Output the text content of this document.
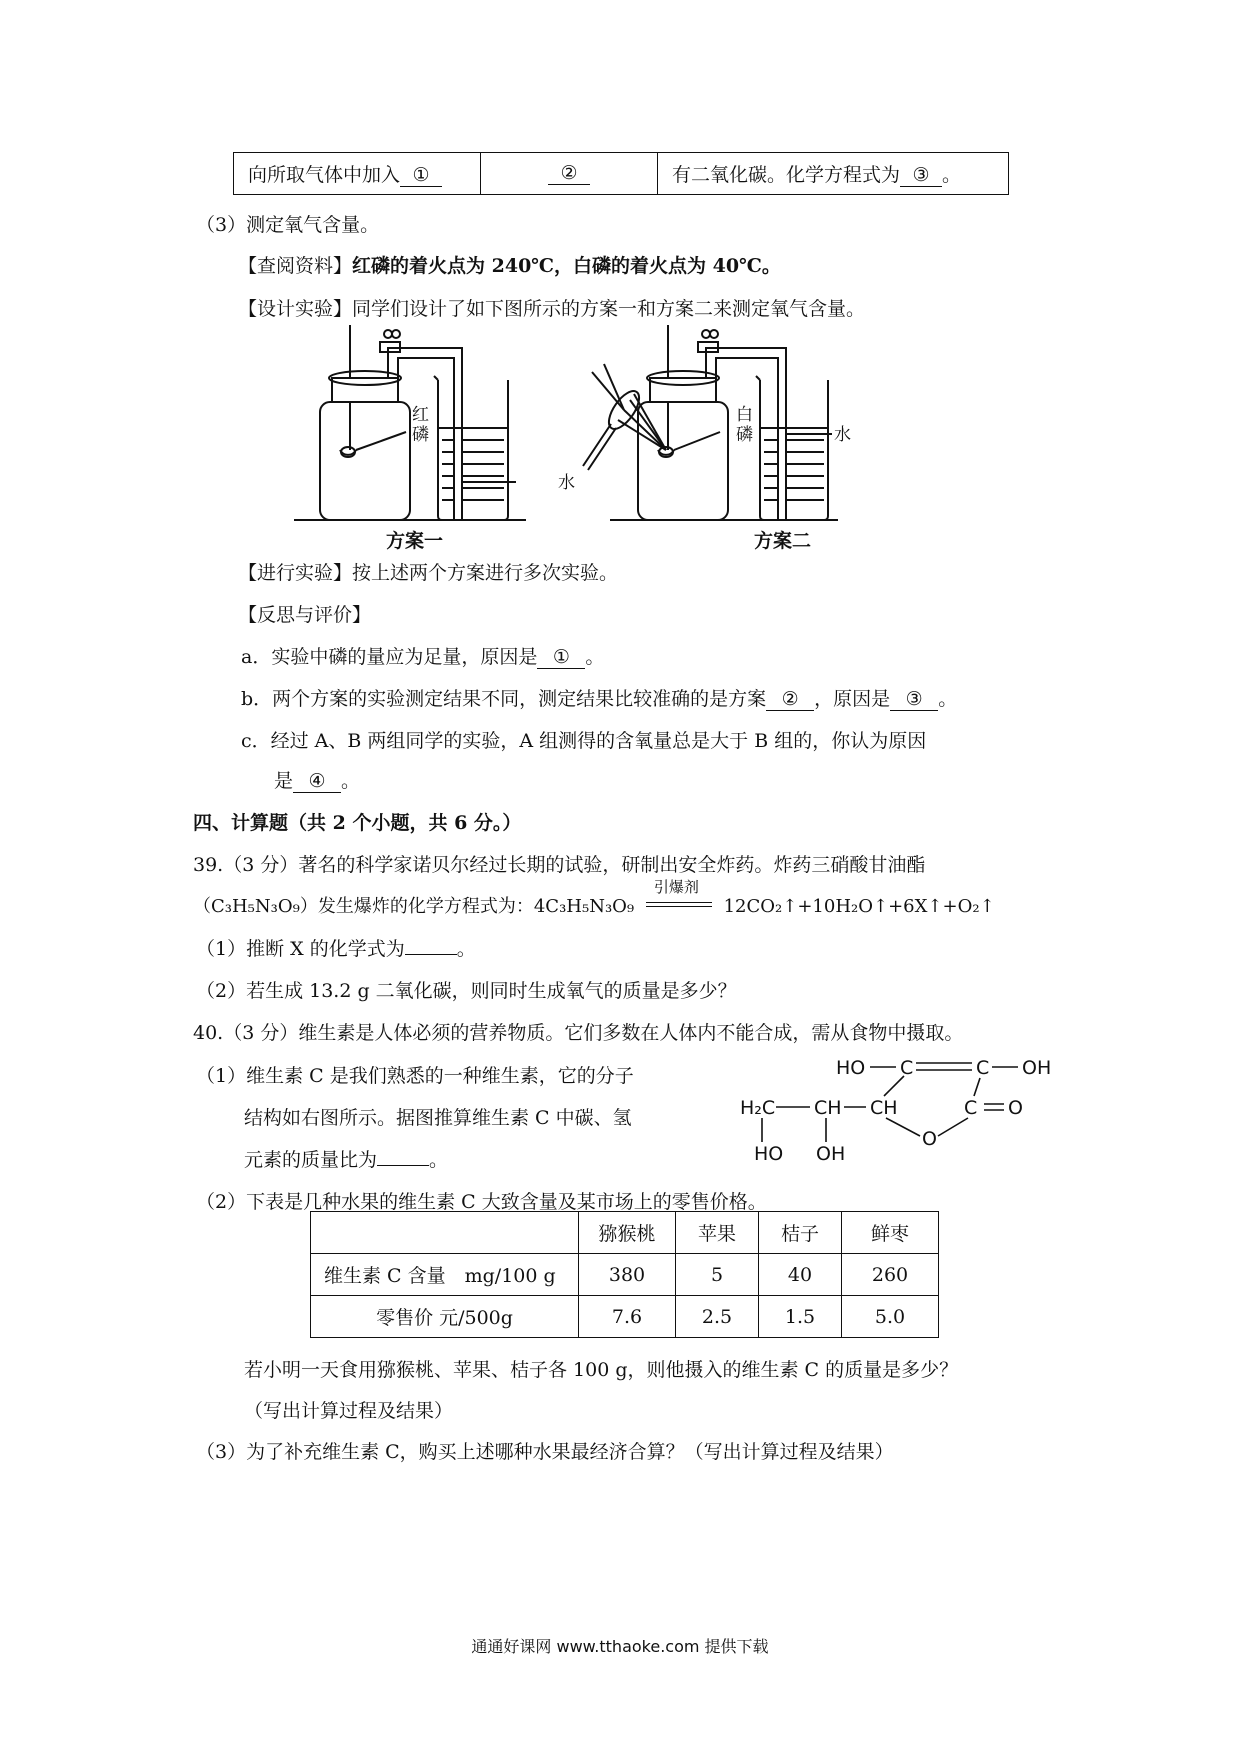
向所取气体中加入 ①	②	有二氧化碳。化学方程式为 ③ 。
（3）测定氧气含量。
【查阅资料】红磷的着火点为 240℃，白磷的着火点为 40℃。
【设计实验】同学们设计了如下图所示的方案一和方案二来测定氧气含量。
红
磷
白
磷
水
水
方案一	方案二
【进行实验】按上述两个方案进行多次实验。
【反思与评价】
a．实验中磷的量应为足量，原因是 ① 。
b．两个方案的实验测定结果不同，测定结果比较准确的是方案 ② ，原因是 ③ 。
c．经过 A、B 两组同学的实验，A 组测得的含氧量总是大于 B 组的，你认为原因
是 ④ 。
四、计算题（共 2 个小题，共 6 分。）
39.（3 分）著名的科学家诺贝尔经过长期的试验，研制出安全炸药。炸药三硝酸甘油酯
（C₃H₅N₃O₉）发生爆炸的化学方程式为：4C₃H₅N₃O₉
引爆剂
12CO₂↑+10H₂O↑+6X↑+O₂↑
（1）推断 X 的化学式为	。
（2）若生成 13.2 g 二氧化碳，则同时生成氧气的质量是多少？
40.（3 分）维生素是人体必须的营养物质。它们多数在人体内不能合成，需从食物中摄取。
（1）维生素 C 是我们熟悉的一种维生素，它的分子
结构如右图所示。据图推算维生素 C 中碳、氢
元素的质量比为	。
HO C	C OH
H₂C CH CH	C O
O
HO OH
（2）下表是几种水果的维生素 C 大致含量及某市场上的零售价格。
	猕猴桃	苹果	桔子	鲜枣
维生素 C 含量　mg/100 g	380	5	40	260
零售价 元/500g	7.6	2.5	1.5	5.0
若小明一天食用猕猴桃、苹果、桔子各 100 g，则他摄入的维生素 C 的质量是多少？
（写出计算过程及结果）
（3）为了补充维生素 C，购买上述哪种水果最经济合算？（写出计算过程及结果）
通通好课网 www.tthaoke.com 提供下载
